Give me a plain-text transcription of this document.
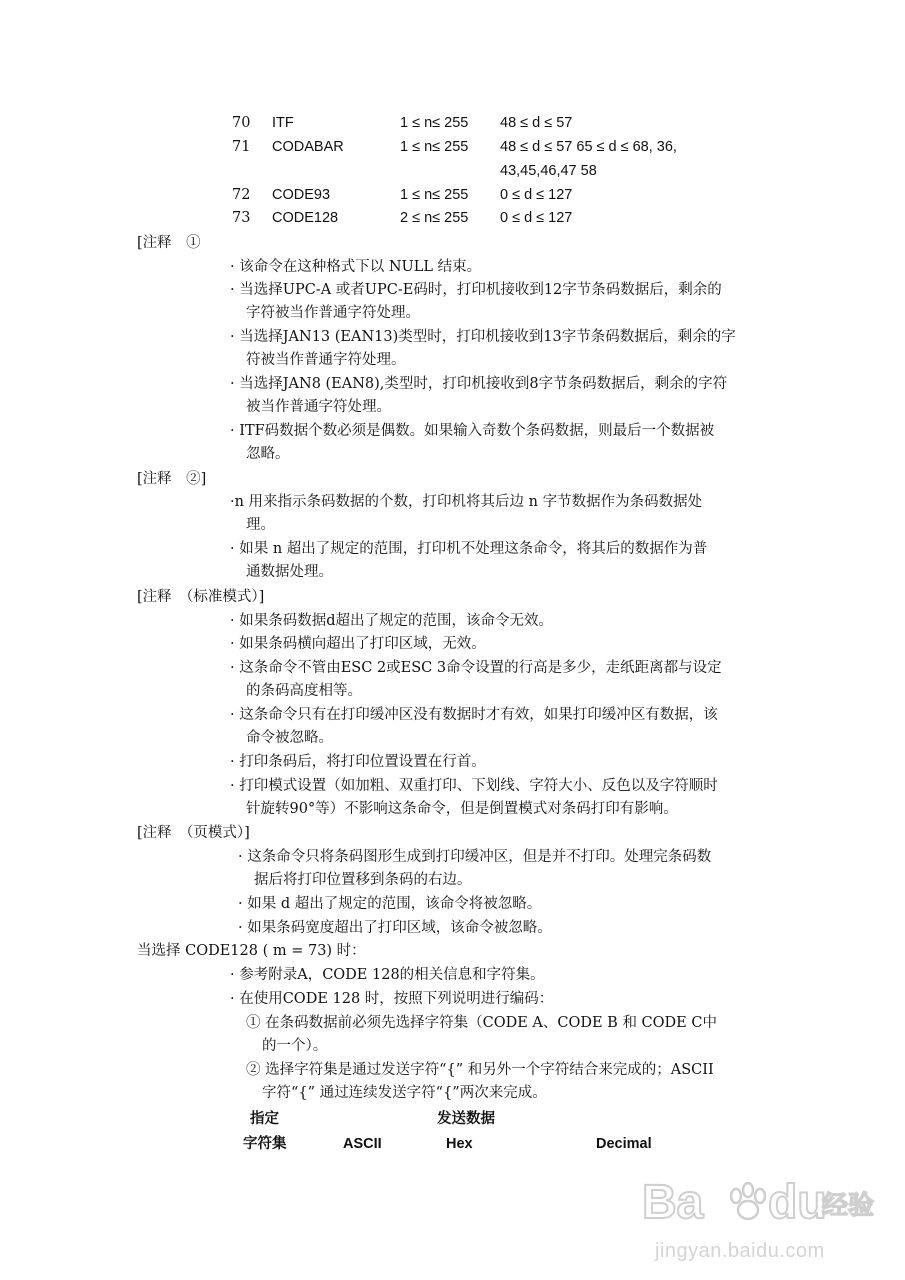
70 ITF	1 ≤ n≤ 255 48 ≤ d ≤ 57
71 CODABAR	1 ≤ n≤ 255 48 ≤ d ≤ 57 65 ≤ d ≤ 68, 36,
43,45,46,47 58
72 CODE93	1 ≤ n≤ 255 0 ≤ d ≤ 127
73 CODE128	2 ≤ n≤ 255 0 ≤ d ≤ 127
[注释　①
· 该命令在这种格式下以 NULL 结束。
· 当选择UPC-A 或者UPC-E码时，打印机接收到12字节条码数据后，剩余的
字符被当作普通字符处理。
· 当选择JAN13 (EAN13)类型时，打印机接收到13字节条码数据后，剩余的字
符被当作普通字符处理。
· 当选择JAN8 (EAN8),类型时，打印机接收到8字节条码数据后，剩余的字符
被当作普通字符处理。
· ITF码数据个数必须是偶数。如果输入奇数个条码数据，则最后一个数据被
忽略。
[注释　②]
·n 用来指示条码数据的个数，打印机将其后边 n 字节数据作为条码数据处
理。
· 如果 n 超出了规定的范围，打印机不处理这条命令，将其后的数据作为普
通数据处理。
[注释　（标准模式）]
· 如果条码数据d超出了规定的范围，该命令无效。
· 如果条码横向超出了打印区域，无效。
· 这条命令不管由ESC 2或ESC 3命令设置的行高是多少，走纸距离都与设定
的条码高度相等。
· 这条命令只有在打印缓冲区没有数据时才有效，如果打印缓冲区有数据，该
命令被忽略。
· 打印条码后，将打印位置设置在行首。
· 打印模式设置（如加粗、双重打印、下划线、字符大小、反色以及字符顺时
针旋转90°等）不影响这条命令，但是倒置模式对条码打印有影响。
[注释　（页模式）]
· 这条命令只将条码图形生成到打印缓冲区，但是并不打印。处理完条码数
据后将打印位置移到条码的右边。
· 如果 d 超出了规定的范围，该命令将被忽略。
· 如果条码宽度超出了打印区域，该命令被忽略。
当选择 CODE128 ( m = 73) 时：
· 参考附录A，CODE 128的相关信息和字符集。
· 在使用CODE 128 时，按照下列说明进行编码：
① 在条码数据前必须先选择字符集（CODE A、CODE B 和 CODE C中
的一个）。
② 选择字符集是通过发送字符“{” 和另外一个字符结合来完成的；ASCII
字符“{” 通过连续发送字符“{”两次来完成。
指定	发送数据
字符集	ASCII	Hex	Decimal
Ba du
经验
jingyan.baidu.com
